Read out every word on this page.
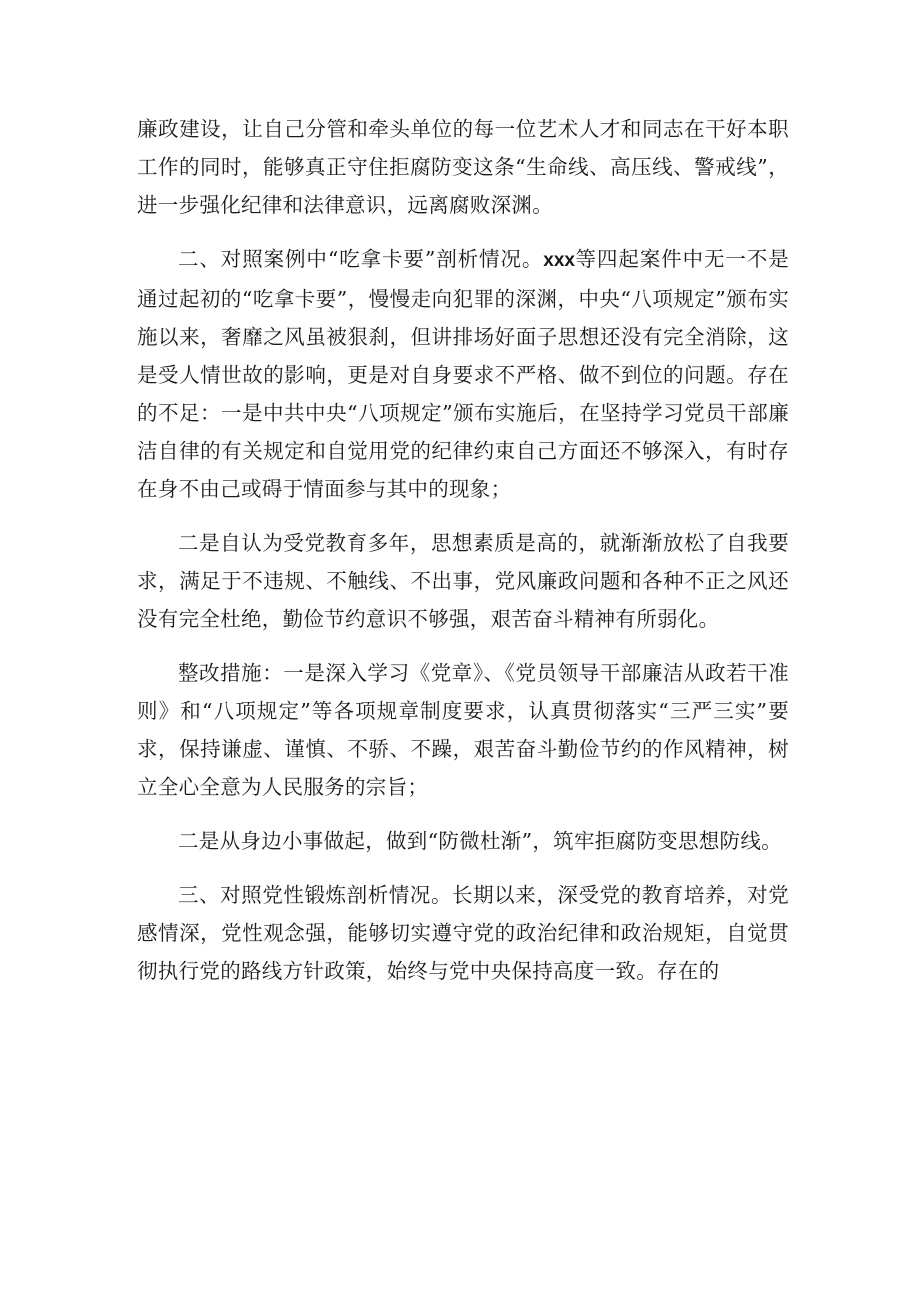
廉政建设，让自己分管和牵头单位的每一位艺术人才和同志在干好本职工作的同时，能够真正守住拒腐防变这条“生命线、高压线、警戒线”，进一步强化纪律和法律意识，远离腐败深渊。

二、对照案例中“吃拿卡要”剖析情况。xxx等四起案件中无一不是通过起初的“吃拿卡要”，慢慢走向犯罪的深渊，中央“八项规定”颁布实施以来，奢靡之风虽被狠刹，但讲排场好面子思想还没有完全消除，这是受人情世故的影响，更是对自身要求不严格、做不到位的问题。存在的不足：一是中共中央“八项规定”颁布实施后，在坚持学习党员干部廉洁自律的有关规定和自觉用党的纪律约束自己方面还不够深入，有时存在身不由己或碍于情面参与其中的现象；

二是自认为受党教育多年，思想素质是高的，就渐渐放松了自我要求，满足于不违规、不触线、不出事，党风廉政问题和各种不正之风还没有完全杜绝，勤俭节约意识不够强，艰苦奋斗精神有所弱化。

整改措施：一是深入学习《党章》、《党员领导干部廉洁从政若干准则》和“八项规定”等各项规章制度要求，认真贯彻落实“三严三实”要求，保持谦虚、谨慎、不骄、不躁，艰苦奋斗勤俭节约的作风精神，树立全心全意为人民服务的宗旨；

二是从身边小事做起，做到“防微杜渐”，筑牢拒腐防变思想防线。

三、对照党性锻炼剖析情况。长期以来，深受党的教育培养，对党感情深，党性观念强，能够切实遵守党的政治纪律和政治规矩，自觉贯彻执行党的路线方针政策，始终与党中央保持高度一致。存在的
